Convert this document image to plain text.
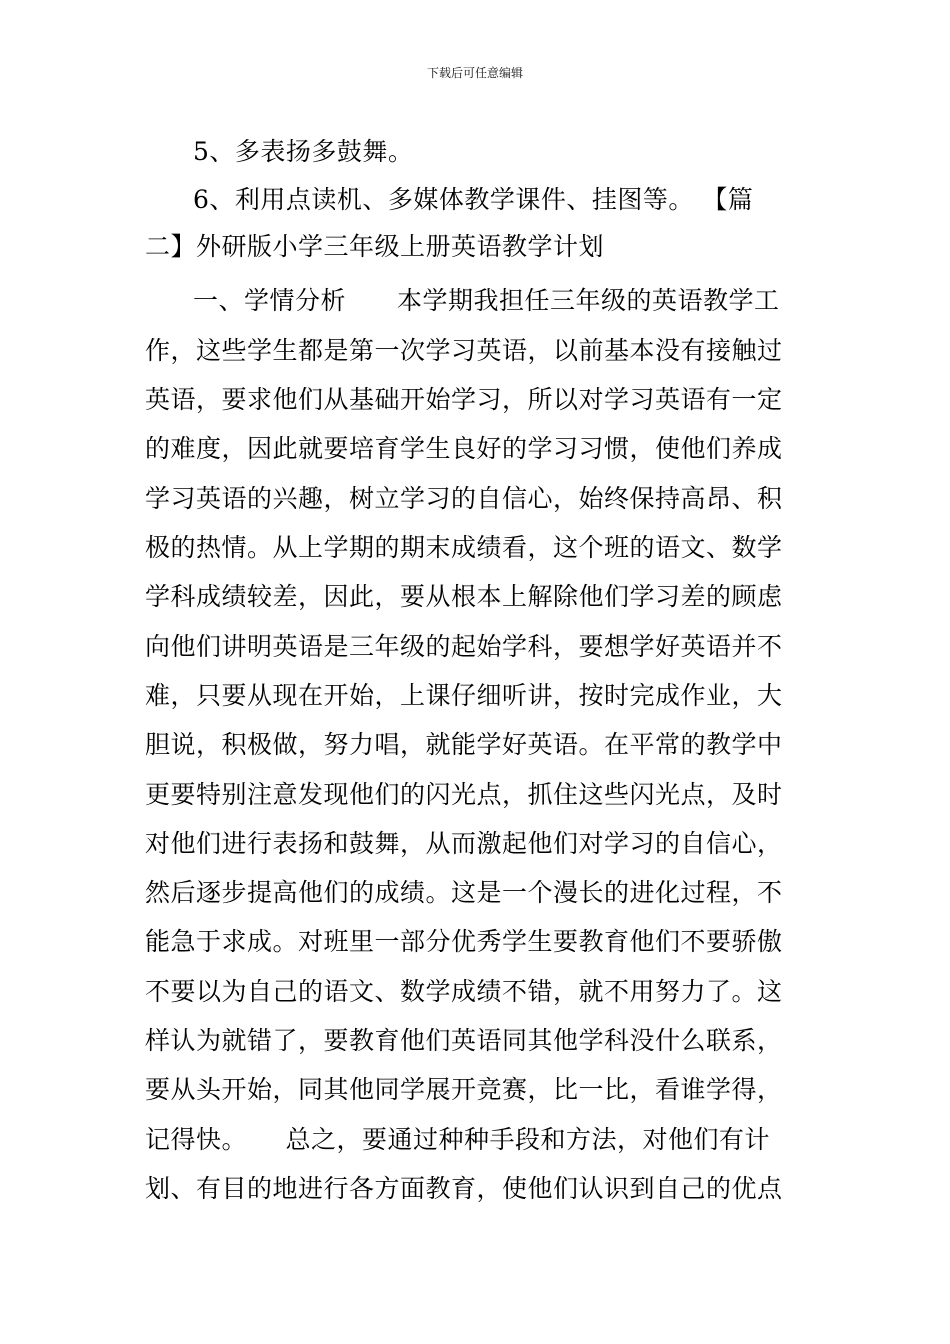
下载后可任意编辑
5、多表扬多鼓舞。
6、利用点读机、多媒体教学课件、挂图等。 【篇
二】外研版小学三年级上册英语教学计划
一、学情分析　　本学期我担任三年级的英语教学工
作，这些学生都是第一次学习英语，以前基本没有接触过
英语，要求他们从基础开始学习，所以对学习英语有一定
的难度，因此就要培育学生良好的学习习惯，使他们养成
学习英语的兴趣，树立学习的自信心，始终保持高昂、积
极的热情。从上学期的期末成绩看，这个班的语文、数学
学科成绩较差，因此，要从根本上解除他们学习差的顾虑
向他们讲明英语是三年级的起始学科，要想学好英语并不
难，只要从现在开始，上课仔细听讲，按时完成作业，大
胆说，积极做，努力唱，就能学好英语。在平常的教学中
更要特别注意发现他们的闪光点，抓住这些闪光点，及时
对他们进行表扬和鼓舞，从而激起他们对学习的自信心，
然后逐步提高他们的成绩。这是一个漫长的进化过程，不
能急于求成。对班里一部分优秀学生要教育他们不要骄傲
不要以为自己的语文、数学成绩不错，就不用努力了。这
样认为就错了，要教育他们英语同其他学科没什么联系，
要从头开始，同其他同学展开竞赛，比一比，看谁学得，
记得快。　　总之，要通过种种手段和方法，对他们有计
划、有目的地进行各方面教育，使他们认识到自己的优点
